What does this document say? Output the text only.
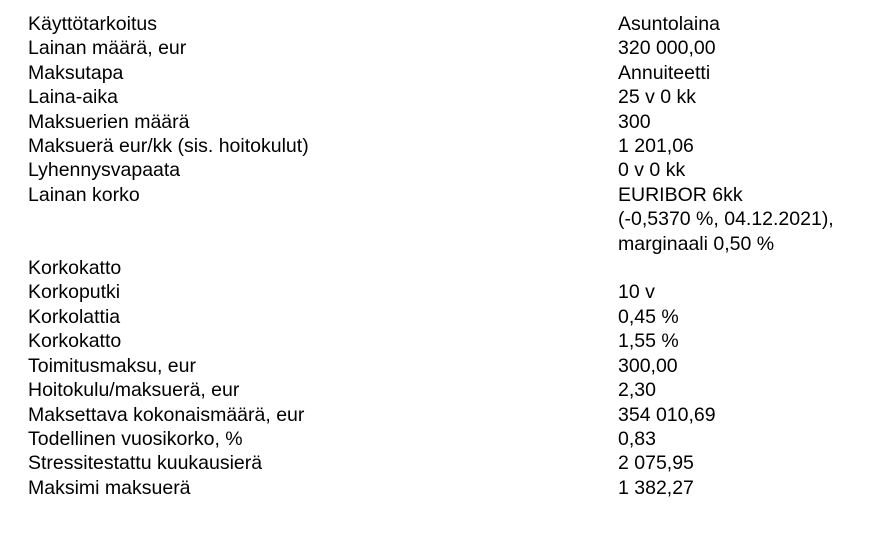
Käyttötarkoitus	Asuntolaina
Lainan määrä, eur	320 000,00
Maksutapa	Annuiteetti
Laina-aika	25 v 0 kk
Maksuerien määrä	300
Maksuerä eur/kk (sis. hoitokulut)	1 201,06
Lyhennysvapaata	0 v 0 kk
Lainan korko	EURIBOR 6kk
(-0,5370 %, 04.12.2021),
marginaali 0,50 %
Korkokatto
Korkoputki	10 v
Korkolattia	0,45 %
Korkokatto	1,55 %
Toimitusmaksu, eur	300,00
Hoitokulu/maksuerä, eur	2,30
Maksettava kokonaismäärä, eur	354 010,69
Todellinen vuosikorko, %	0,83
Stressitestattu kuukausierä	2 075,95
Maksimi maksuerä	1 382,27
